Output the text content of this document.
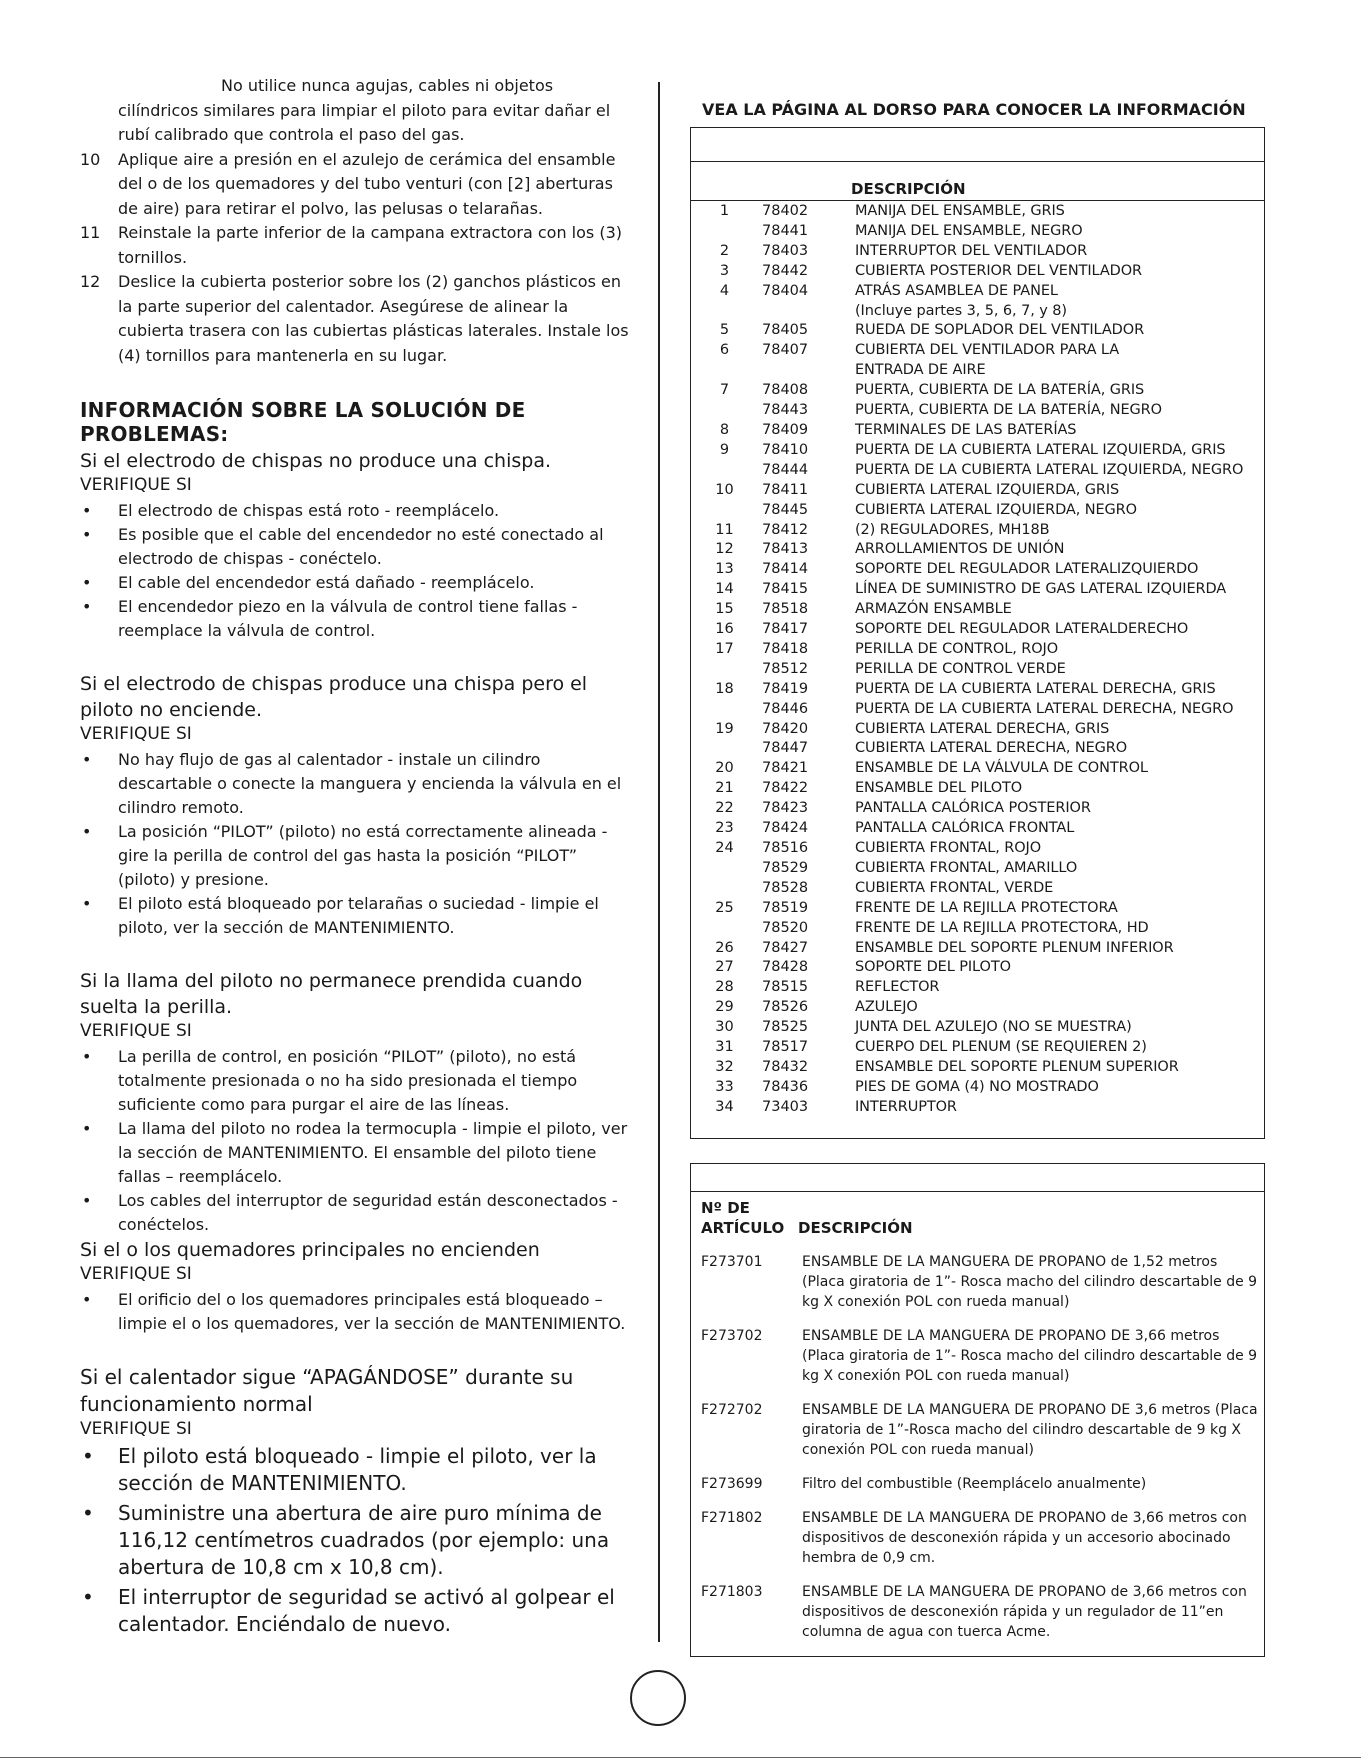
No utilice nunca agujas, cables ni objetos

cilíndricos similares para limpiar el piloto para evitar dañar el rubí calibrado que controla el paso del gas.

10 Aplique aire a presión en el azulejo de cerámica del ensamble del o de los quemadores y del tubo venturi (con [2] aberturas de aire) para retirar el polvo, las pelusas o telarañas.
11 Reinstale la parte inferior de la campana extractora con los (3) tornillos.
12 Deslice la cubierta posterior sobre los (2) ganchos plásticos en la parte superior del calentador. Asegúrese de alinear la cubierta trasera con las cubiertas plásticas laterales. Instale los (4) tornillos para mantenerla en su lugar.
INFORMACIÓN SOBRE LA SOLUCIÓN DE PROBLEMAS:

Si el electrodo de chispas no produce una chispa.

VERIFIQUE SI

• El electrodo de chispas está roto - reemplácelo.
• Es posible que el cable del encendedor no esté conectado al electrodo de chispas - conéctelo.
• El cable del encendedor está dañado - reemplácelo.
• El encendedor piezo en la válvula de control tiene fallas - reemplace la válvula de control.

Si el electrodo de chispas produce una chispa pero el piloto no enciende.

VERIFIQUE SI

• No hay flujo de gas al calentador - instale un cilindro descartable o conecte la manguera y encienda la válvula en el cilindro remoto.
• La posición “PILOT” (piloto) no está correctamente alineada - gire la perilla de control del gas hasta la posición “PILOT” (piloto) y presione.
• El piloto está bloqueado por telarañas o suciedad - limpie el piloto, ver la sección de MANTENIMIENTO.

Si la llama del piloto no permanece prendida cuando suelta la perilla.

VERIFIQUE SI

• La perilla de control, en posición “PILOT” (piloto), no está totalmente presionada o no ha sido presionada el tiempo suficiente como para purgar el aire de las líneas.
• La llama del piloto no rodea la termocupla - limpie el piloto, ver la sección de MANTENIMIENTO. El ensamble del piloto tiene fallas – reemplácelo.
• Los cables del interruptor de seguridad están desconectados - conéctelos.

Si el o los quemadores principales no encienden

VERIFIQUE SI

• El orificio del o los quemadores principales está bloqueado – limpie el o los quemadores, ver la sección de MANTENIMIENTO.

Si el calentador sigue “APAGÁNDOSE” durante su funcionamiento normal

VERIFIQUE SI

• El piloto está bloqueado - limpie el piloto, ver la sección de MANTENIMIENTO.
• Suministre una abertura de aire puro mínima de 116,12 centímetros cuadrados (por ejemplo: una abertura de 10,8 cm x 10,8 cm).
• El interruptor de seguridad se activó al golpear el calentador. Enciéndalo de nuevo.

VEA LA PÁGINA AL DORSO PARA CONOCER LA INFORMACIÓN

DESCRIPCIÓN
1	78402	MANIJA DEL ENSAMBLE, GRIS
	78441	MANIJA DEL ENSAMBLE, NEGRO
2	78403	INTERRUPTOR DEL VENTILADOR
3	78442	CUBIERTA POSTERIOR DEL VENTILADOR
4	78404	ATRÁS ASAMBLEA DE PANEL
		(Incluye partes 3, 5, 6, 7, y 8)
5	78405	RUEDA DE SOPLADOR DEL VENTILADOR
6	78407	CUBIERTA DEL VENTILADOR PARA LA
		ENTRADA DE AIRE
7	78408	PUERTA, CUBIERTA DE LA BATERÍA, GRIS
	78443	PUERTA, CUBIERTA DE LA BATERÍA, NEGRO
8	78409	TERMINALES DE LAS BATERÍAS
9	78410	PUERTA DE LA CUBIERTA LATERAL IZQUIERDA, GRIS
	78444	PUERTA DE LA CUBIERTA LATERAL IZQUIERDA, NEGRO
10	78411	CUBIERTA LATERAL IZQUIERDA, GRIS
	78445	CUBIERTA LATERAL IZQUIERDA, NEGRO
11	78412	(2) REGULADORES, MH18B
12	78413	ARROLLAMIENTOS DE UNIÓN
13	78414	SOPORTE DEL REGULADOR LATERALIZQUIERDO
14	78415	LÍNEA DE SUMINISTRO DE GAS LATERAL IZQUIERDA
15	78518	ARMAZÓN ENSAMBLE
16	78417	SOPORTE DEL REGULADOR LATERALDERECHO
17	78418	PERILLA DE CONTROL, ROJO
	78512	PERILLA DE CONTROL VERDE
18	78419	PUERTA DE LA CUBIERTA LATERAL DERECHA, GRIS
	78446	PUERTA DE LA CUBIERTA LATERAL DERECHA, NEGRO
19	78420	CUBIERTA LATERAL DERECHA, GRIS
	78447	CUBIERTA LATERAL DERECHA, NEGRO
20	78421	ENSAMBLE DE LA VÁLVULA DE CONTROL
21	78422	ENSAMBLE DEL PILOTO
22	78423	PANTALLA CALÓRICA POSTERIOR
23	78424	PANTALLA CALÓRICA FRONTAL
24	78516	CUBIERTA FRONTAL, ROJO
	78529	CUBIERTA FRONTAL, AMARILLO
	78528	CUBIERTA FRONTAL, VERDE
25	78519	FRENTE DE LA REJILLA PROTECTORA
	78520	FRENTE DE LA REJILLA PROTECTORA, HD
26	78427	ENSAMBLE DEL SOPORTE PLENUM INFERIOR
27	78428	SOPORTE DEL PILOTO
28	78515	REFLECTOR
29	78526	AZULEJO
30	78525	JUNTA DEL AZULEJO (NO SE MUESTRA)
31	78517	CUERPO DEL PLENUM (SE REQUIEREN 2)
32	78432	ENSAMBLE DEL SOPORTE PLENUM SUPERIOR
33	78436	PIES DE GOMA (4) NO MOSTRADO
34	73403	INTERRUPTOR
Nº DE
ARTÍCULO DESCRIPCIÓN
F273701	ENSAMBLE DE LA MANGUERA DE PROPANO de 1,52 metros (Placa giratoria de 1”- Rosca macho del cilindro descartable de 9 kg X conexión POL con rueda manual)
F273702	ENSAMBLE DE LA MANGUERA DE PROPANO DE 3,66 metros (Placa giratoria de 1”- Rosca macho del cilindro descartable de 9 kg X conexión POL con rueda manual)
F272702	ENSAMBLE DE LA MANGUERA DE PROPANO DE 3,6 metros (Placa giratoria de 1”-Rosca macho del cilindro descartable de 9 kg X conexión POL con rueda manual)
F273699	Filtro del combustible (Reemplácelo anualmente)
F271802	ENSAMBLE DE LA MANGUERA DE PROPANO de 3,66 metros con dispositivos de desconexión rápida y un accesorio abocinado hembra de 0,9 cm.
F271803	ENSAMBLE DE LA MANGUERA DE PROPANO de 3,66 metros con dispositivos de desconexión rápida y un regulador de 11”en columna de agua con tuerca Acme.
